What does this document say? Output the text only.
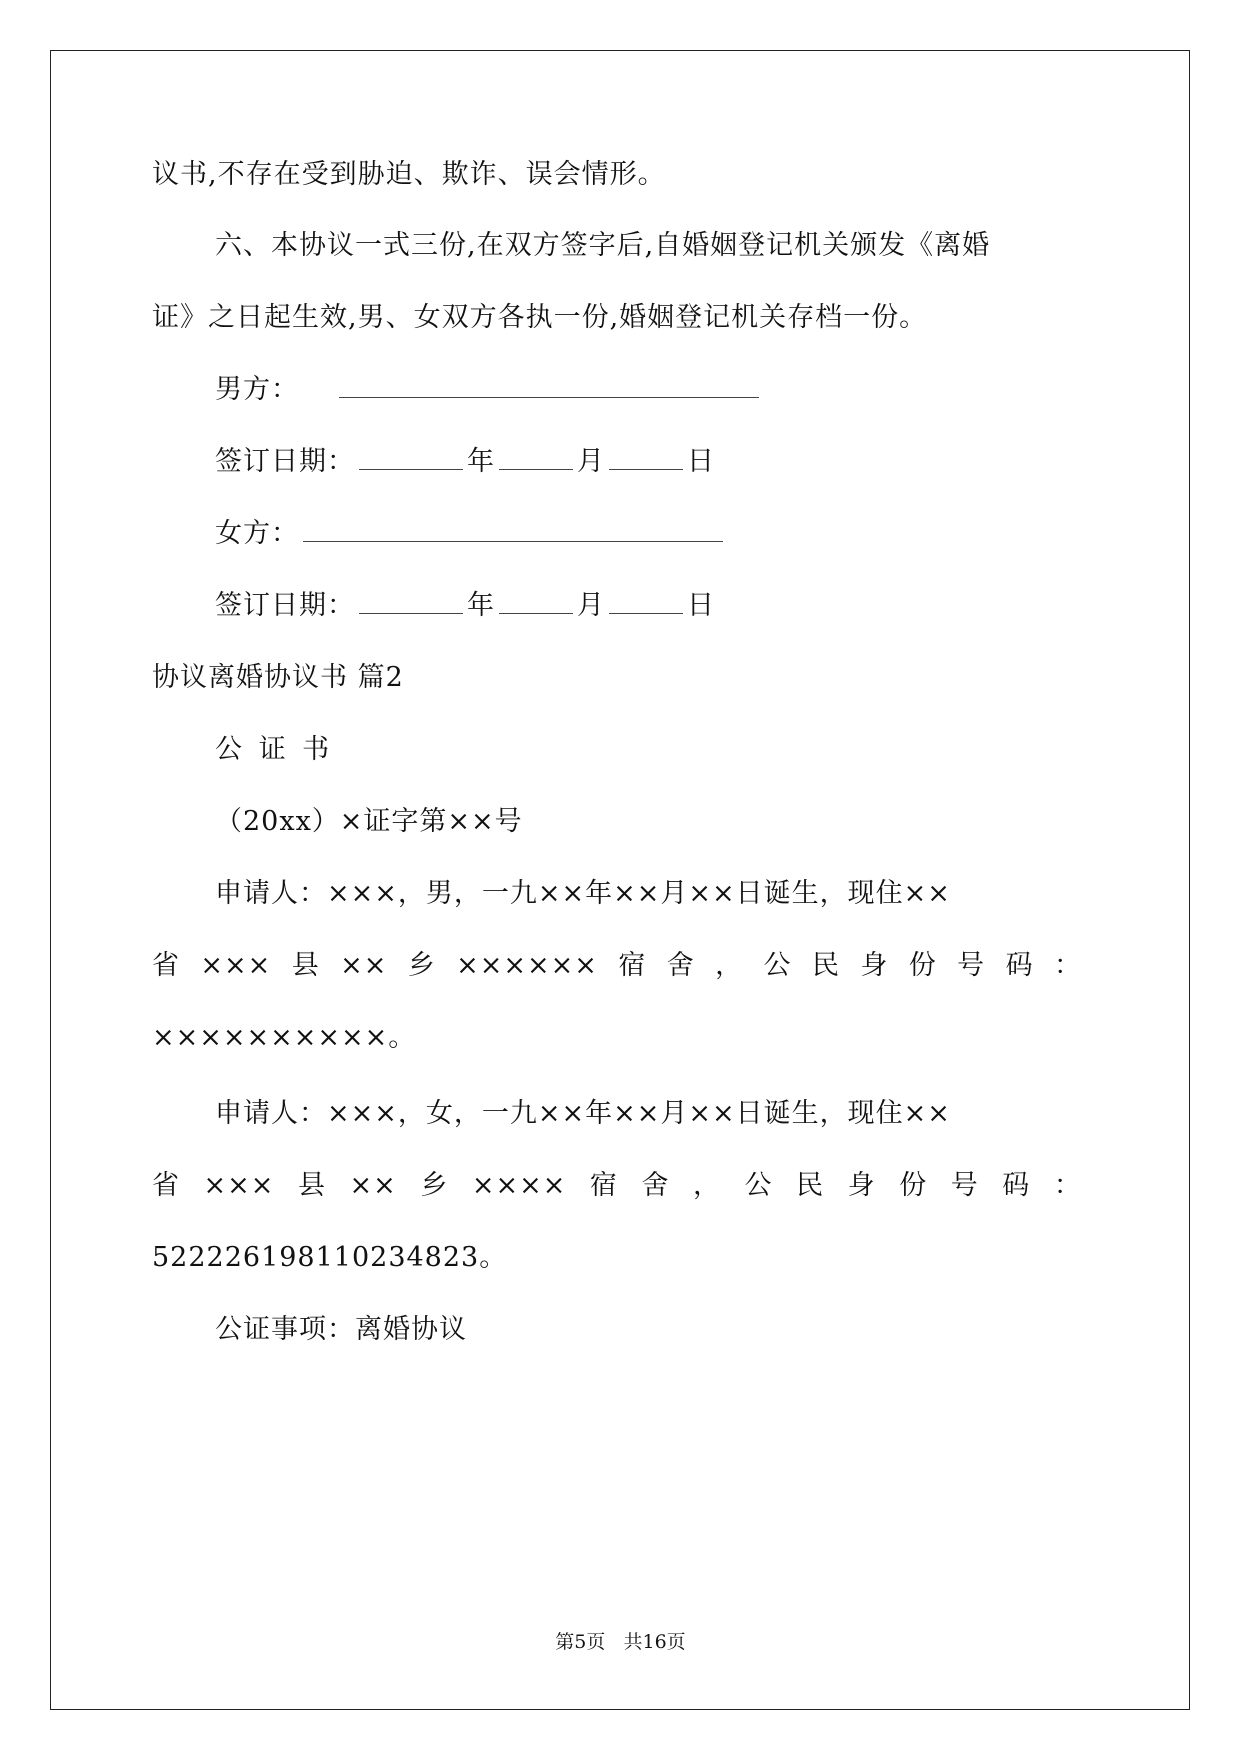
议书,不存在受到胁迫、欺诈、误会情形。
六、本协议一式三份,在双方签字后,自婚姻登记机关颁发《离婚
证》之日起生效,男、女双方各执一份,婚姻登记机关存档一份。
男方：
签订日期：	年	月	日
女方：
签订日期：	年	月	日
协议离婚协议书 篇2
公 证 书
（20xx）×证字第××号
申请人：×××，男，一九××年××月××日诞生，现住××
省 ××× 县 ×× 乡 ×××××× 宿 舍 ， 公 民 身 份 号 码 ：
××××××××××。
申请人：×××，女，一九××年××月××日诞生，现住××
省 ××× 县 ×× 乡 ×××× 宿 舍 ， 公 民 身 份 号 码 ：
522226198110234823。
公证事项：离婚协议
第5页   共16页
